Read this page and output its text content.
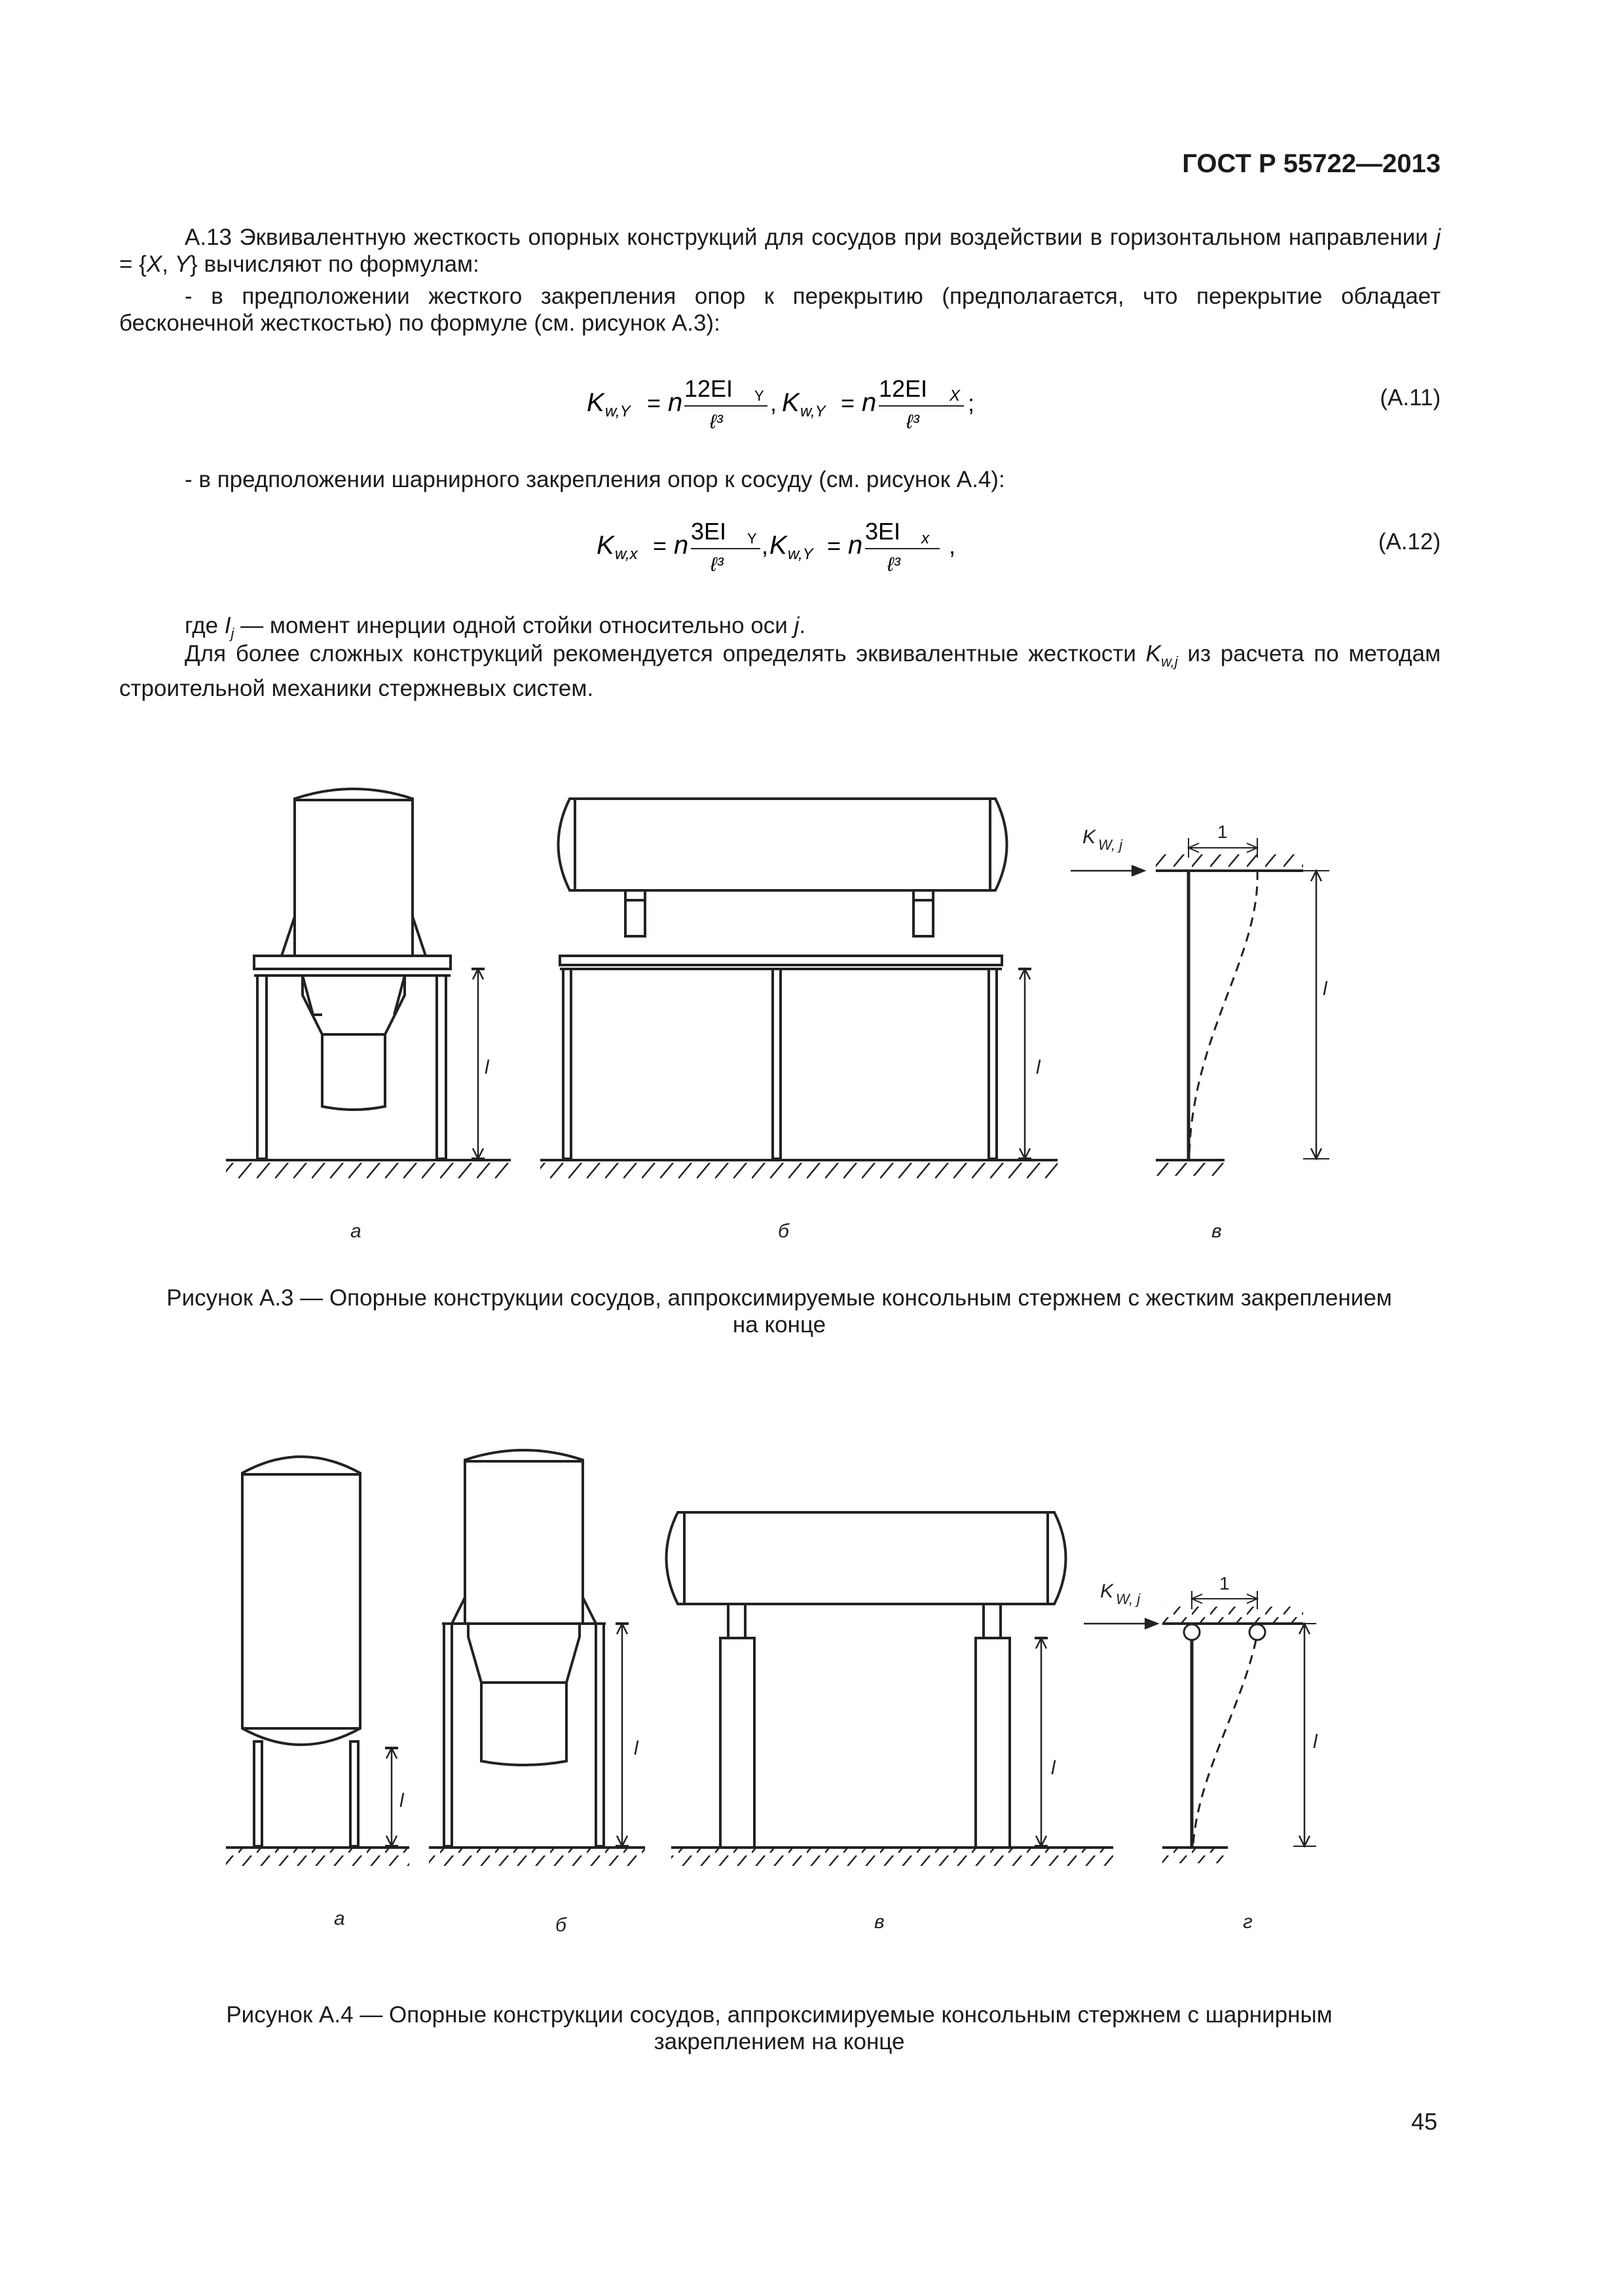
ГОСТ Р 55722—2013
А.13 Эквивалентную жесткость опорных конструкций для сосудов при воздействии в горизонтальном направлении j = {X, Y} вычисляют по формулам:
- в предположении жесткого закрепления опор к перекрытию (предполагается, что перекрытие обладает бесконечной жесткостью) по формуле (см. рисунок А.3):
K w,Y = n 12EI Y
ℓ³
, K w,Y = n 12EI X
ℓ³
;	(А.11)
- в предположении шарнирного закрепления опор к сосуду (см. рисунок А.4):
K w,x = n 3EI Y
ℓ³
, K w,Y = n 3EI x
ℓ³
,	(А.12)
где $I_j$ — момент инерции одной стойки относительно оси j.
Для более сложных конструкций рекомендуется определять эквивалентные жесткости $K_{w,j}$ из расчета по методам строительной механики стержневых систем.
l	l
K W, j
1
l
а	б	в
Рисунок А.3 — Опорные конструкции сосудов, аппроксимируемые консольным стержнем с жестким закреплением
на конце
l
l
l
K W, j
1
l
а	б	в	г
Рисунок А.4 — Опорные конструкции сосудов, аппроксимируемые консольным стержнем с шарнирным
закреплением на конце
45
